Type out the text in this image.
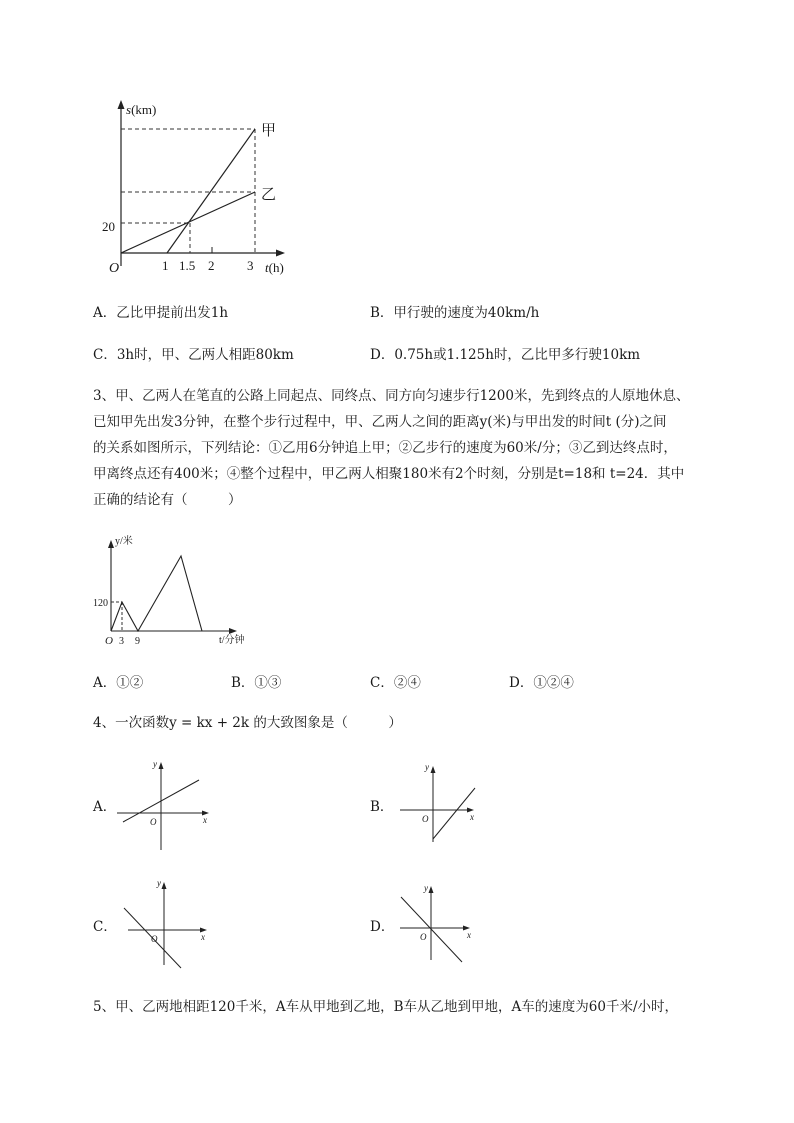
s(km)
甲
乙
20
O	1 1.5 2	3 t(h)
A．乙比甲提前出发1h	B．甲行驶的速度为40km/h
C．3h时，甲、乙两人相距80km	D．0.75h或1.125h时，乙比甲多行驶10km
3、甲、乙两人在笔直的公路上同起点、同终点、同方向匀速步行1200米，先到终点的人原地休息、
已知甲先出发3分钟，在整个步行过程中，甲、乙两人之间的距离y(米)与甲出发的时间t (分)之间
的关系如图所示，下列结论：①乙用6分钟追上甲；②乙步行的速度为60米/分；③乙到达终点时，
甲离终点还有400米；④整个过程中，甲乙两人相聚180米有2个时刻，分别是t=18和 t=24．其中
正确的结论有（　　　）
y/米
120
O 3 9	t/分钟
A．①②	B．①③	C．②④	D．①②④
4、一次函数y = kx + 2k 的大致图象是（　　　）
A．	B．
C．	D．
y
x
O
y
x
O
y
x
O
y
x
O
5、甲、乙两地相距120千米，A车从甲地到乙地，B车从乙地到甲地，A车的速度为60千米/小时，
